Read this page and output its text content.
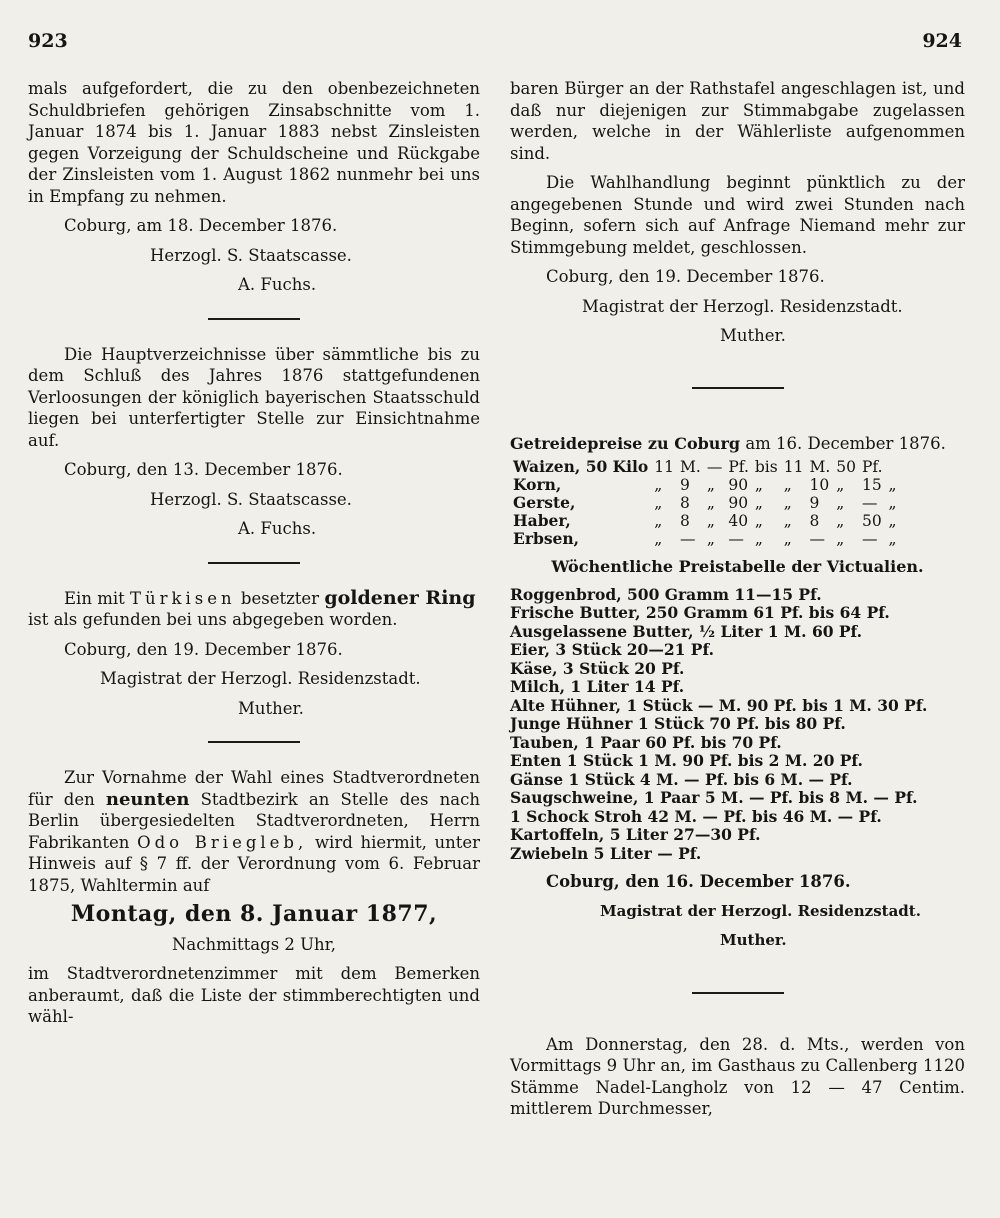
923	924

mals aufgefordert, die zu den obenbezeichneten Schuldbriefen gehörigen Zinsabschnitte vom 1. Januar 1874 bis 1. Januar 1883 nebst Zinsleisten gegen Vorzeigung der Schuldscheine und Rückgabe der Zinsleisten vom 1. August 1862 nunmehr bei uns in Empfang zu nehmen.

Coburg, am 18. December 1876.

Herzogl. S. Staatscasse.

A. Fuchs.

Die Hauptverzeichnisse über sämmtliche bis zu dem Schluß des Jahres 1876 stattgefundenen Verloosungen der königlich bayerischen Staatsschuld liegen bei unterfertigter Stelle zur Einsichtnahme auf.

Coburg, den 13. December 1876.

Herzogl. S. Staatscasse.

A. Fuchs.

Ein mit Türkisen besetzter goldener Ring ist als gefunden bei uns abgegeben worden.

Coburg, den 19. December 1876.

Magistrat der Herzogl. Residenzstadt.

Muther.

Zur Vornahme der Wahl eines Stadtverordneten für den neunten Stadtbezirk an Stelle des nach Berlin übergesiedelten Stadtverordneten, Herrn Fabrikanten Odo Briegleb, wird hiermit, unter Hinweis auf § 7 ff. der Verordnung vom 6. Februar 1875, Wahltermin auf

Montag, den 8. Januar 1877,

Nachmittags 2 Uhr,

im Stadtverordnetenzimmer mit dem Bemerken anberaumt, daß die Liste der stimmberechtigten und wähl-

baren Bürger an der Rathstafel angeschlagen ist, und daß nur diejenigen zur Stimmabgabe zugelassen werden, welche in der Wählerliste aufgenommen sind.

Die Wahlhandlung beginnt pünktlich zu der angegebenen Stunde und wird zwei Stunden nach Beginn, sofern sich auf Anfrage Niemand mehr zur Stimmgebung meldet, geschlossen.

Coburg, den 19. December 1876.

Magistrat der Herzogl. Residenzstadt.

Muther.

Getreidepreise zu Coburg am 16. December 1876.

Waizen, 50 Kilo	11	M.	—	Pf.	bis	11	M.	50	Pf.	
Korn,	„	9	„	90	„	„	10	„	15	„
Gerste,	„	8	„	90	„	„	9	„	—	„
Haber,	„	8	„	40	„	„	8	„	50	„
Erbsen,	„	—	„	—	„	„	—	„	—	„

Wöchentliche Preistabelle der Victualien.

Roggenbrod, 500 Gramm 11—15 Pf.

Frische Butter, 250 Gramm 61 Pf. bis 64 Pf.

Ausgelassene Butter, ½ Liter 1 M. 60 Pf.

Eier, 3 Stück 20—21 Pf.

Käse, 3 Stück 20 Pf.

Milch, 1 Liter 14 Pf.

Alte Hühner, 1 Stück — M. 90 Pf. bis 1 M. 30 Pf.

Junge Hühner 1 Stück 70 Pf. bis 80 Pf.

Tauben, 1 Paar 60 Pf. bis 70 Pf.

Enten 1 Stück 1 M. 90 Pf. bis 2 M. 20 Pf.

Gänse 1 Stück 4 M. — Pf. bis 6 M. — Pf.

Saugschweine, 1 Paar 5 M. — Pf. bis 8 M. — Pf.

1 Schock Stroh 42 M. — Pf. bis 46 M. — Pf.

Kartoffeln, 5 Liter 27—30 Pf.

Zwiebeln 5 Liter — Pf.

Coburg, den 16. December 1876.

Magistrat der Herzogl. Residenzstadt.

Muther.

Am Donnerstag, den 28. d. Mts., werden von Vormittags 9 Uhr an, im Gasthaus zu Callenberg 1120 Stämme Nadel-Langholz von 12 — 47 Centim. mittlerem Durchmesser,
